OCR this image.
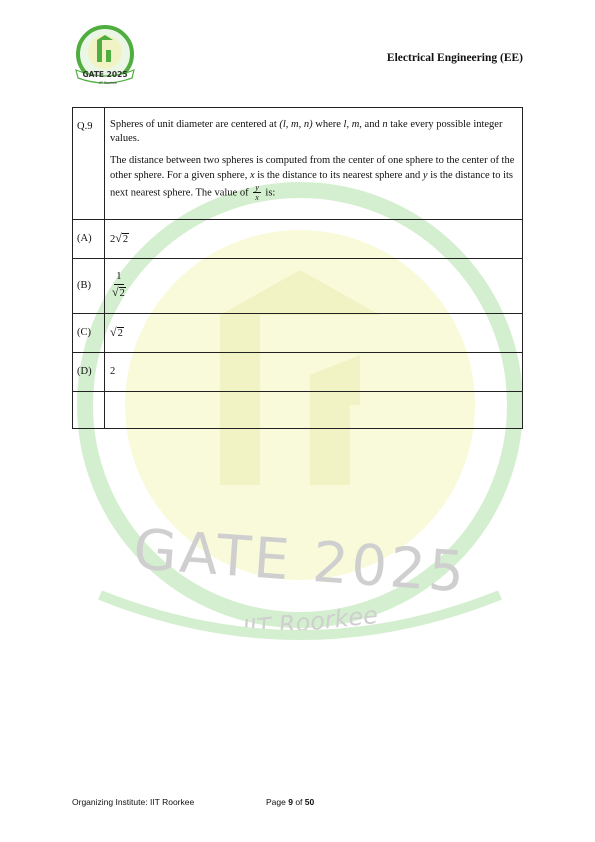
GATE 2025
IIT Roorkee
GATE 2025
IIT Roorkee
Electrical Engineering (EE)
Q.9	Spheres of unit diameter are centered at (l, m, n) where l, m, and n take every possible integer values.

The distance between two spheres is computed from the center of one sphere to the center of the other sphere. For a given sphere, x is the distance to its nearest sphere and y is the distance to its next nearest sphere. The value of $\frac{y}{x}$ is:

(A)	2 √ 2

(B)	$\frac{1}{√ 2}$

(C)	√ 2

(D)	2

Organizing Institute: IIT Roorkee	Page 9 of 50
